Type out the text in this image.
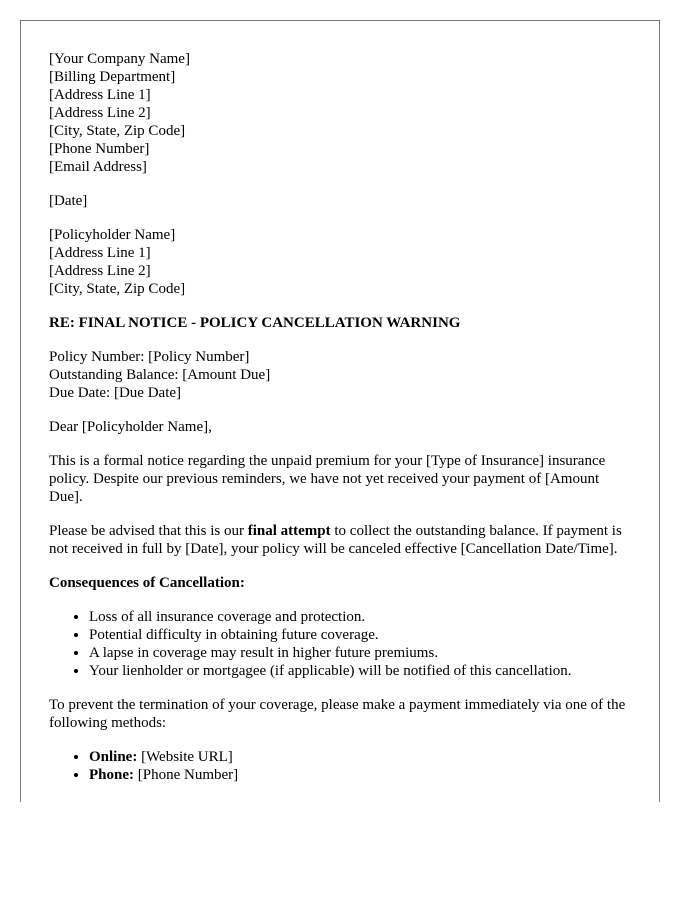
[Your Company Name]
[Billing Department]
[Address Line 1]
[Address Line 2]
[City, State, Zip Code]
[Phone Number]
[Email Address]
[Date]
[Policyholder Name]
[Address Line 1]
[Address Line 2]
[City, State, Zip Code]
RE: FINAL NOTICE - POLICY CANCELLATION WARNING
Policy Number: [Policy Number]
Outstanding Balance: [Amount Due]
Due Date: [Due Date]
Dear [Policyholder Name],
This is a formal notice regarding the unpaid premium for your [Type of Insurance] insurance policy. Despite our previous reminders, we have not yet received your payment of [Amount Due].
Please be advised that this is our final attempt to collect the outstanding balance. If payment is not received in full by [Date], your policy will be canceled effective [Cancellation Date/Time].
Consequences of Cancellation:
• Loss of all insurance coverage and protection.
• Potential difficulty in obtaining future coverage.
• A lapse in coverage may result in higher future premiums.
• Your lienholder or mortgagee (if applicable) will be notified of this cancellation.
To prevent the termination of your coverage, please make a payment immediately via one of the following methods:
• Online: [Website URL]
• Phone: [Phone Number]
